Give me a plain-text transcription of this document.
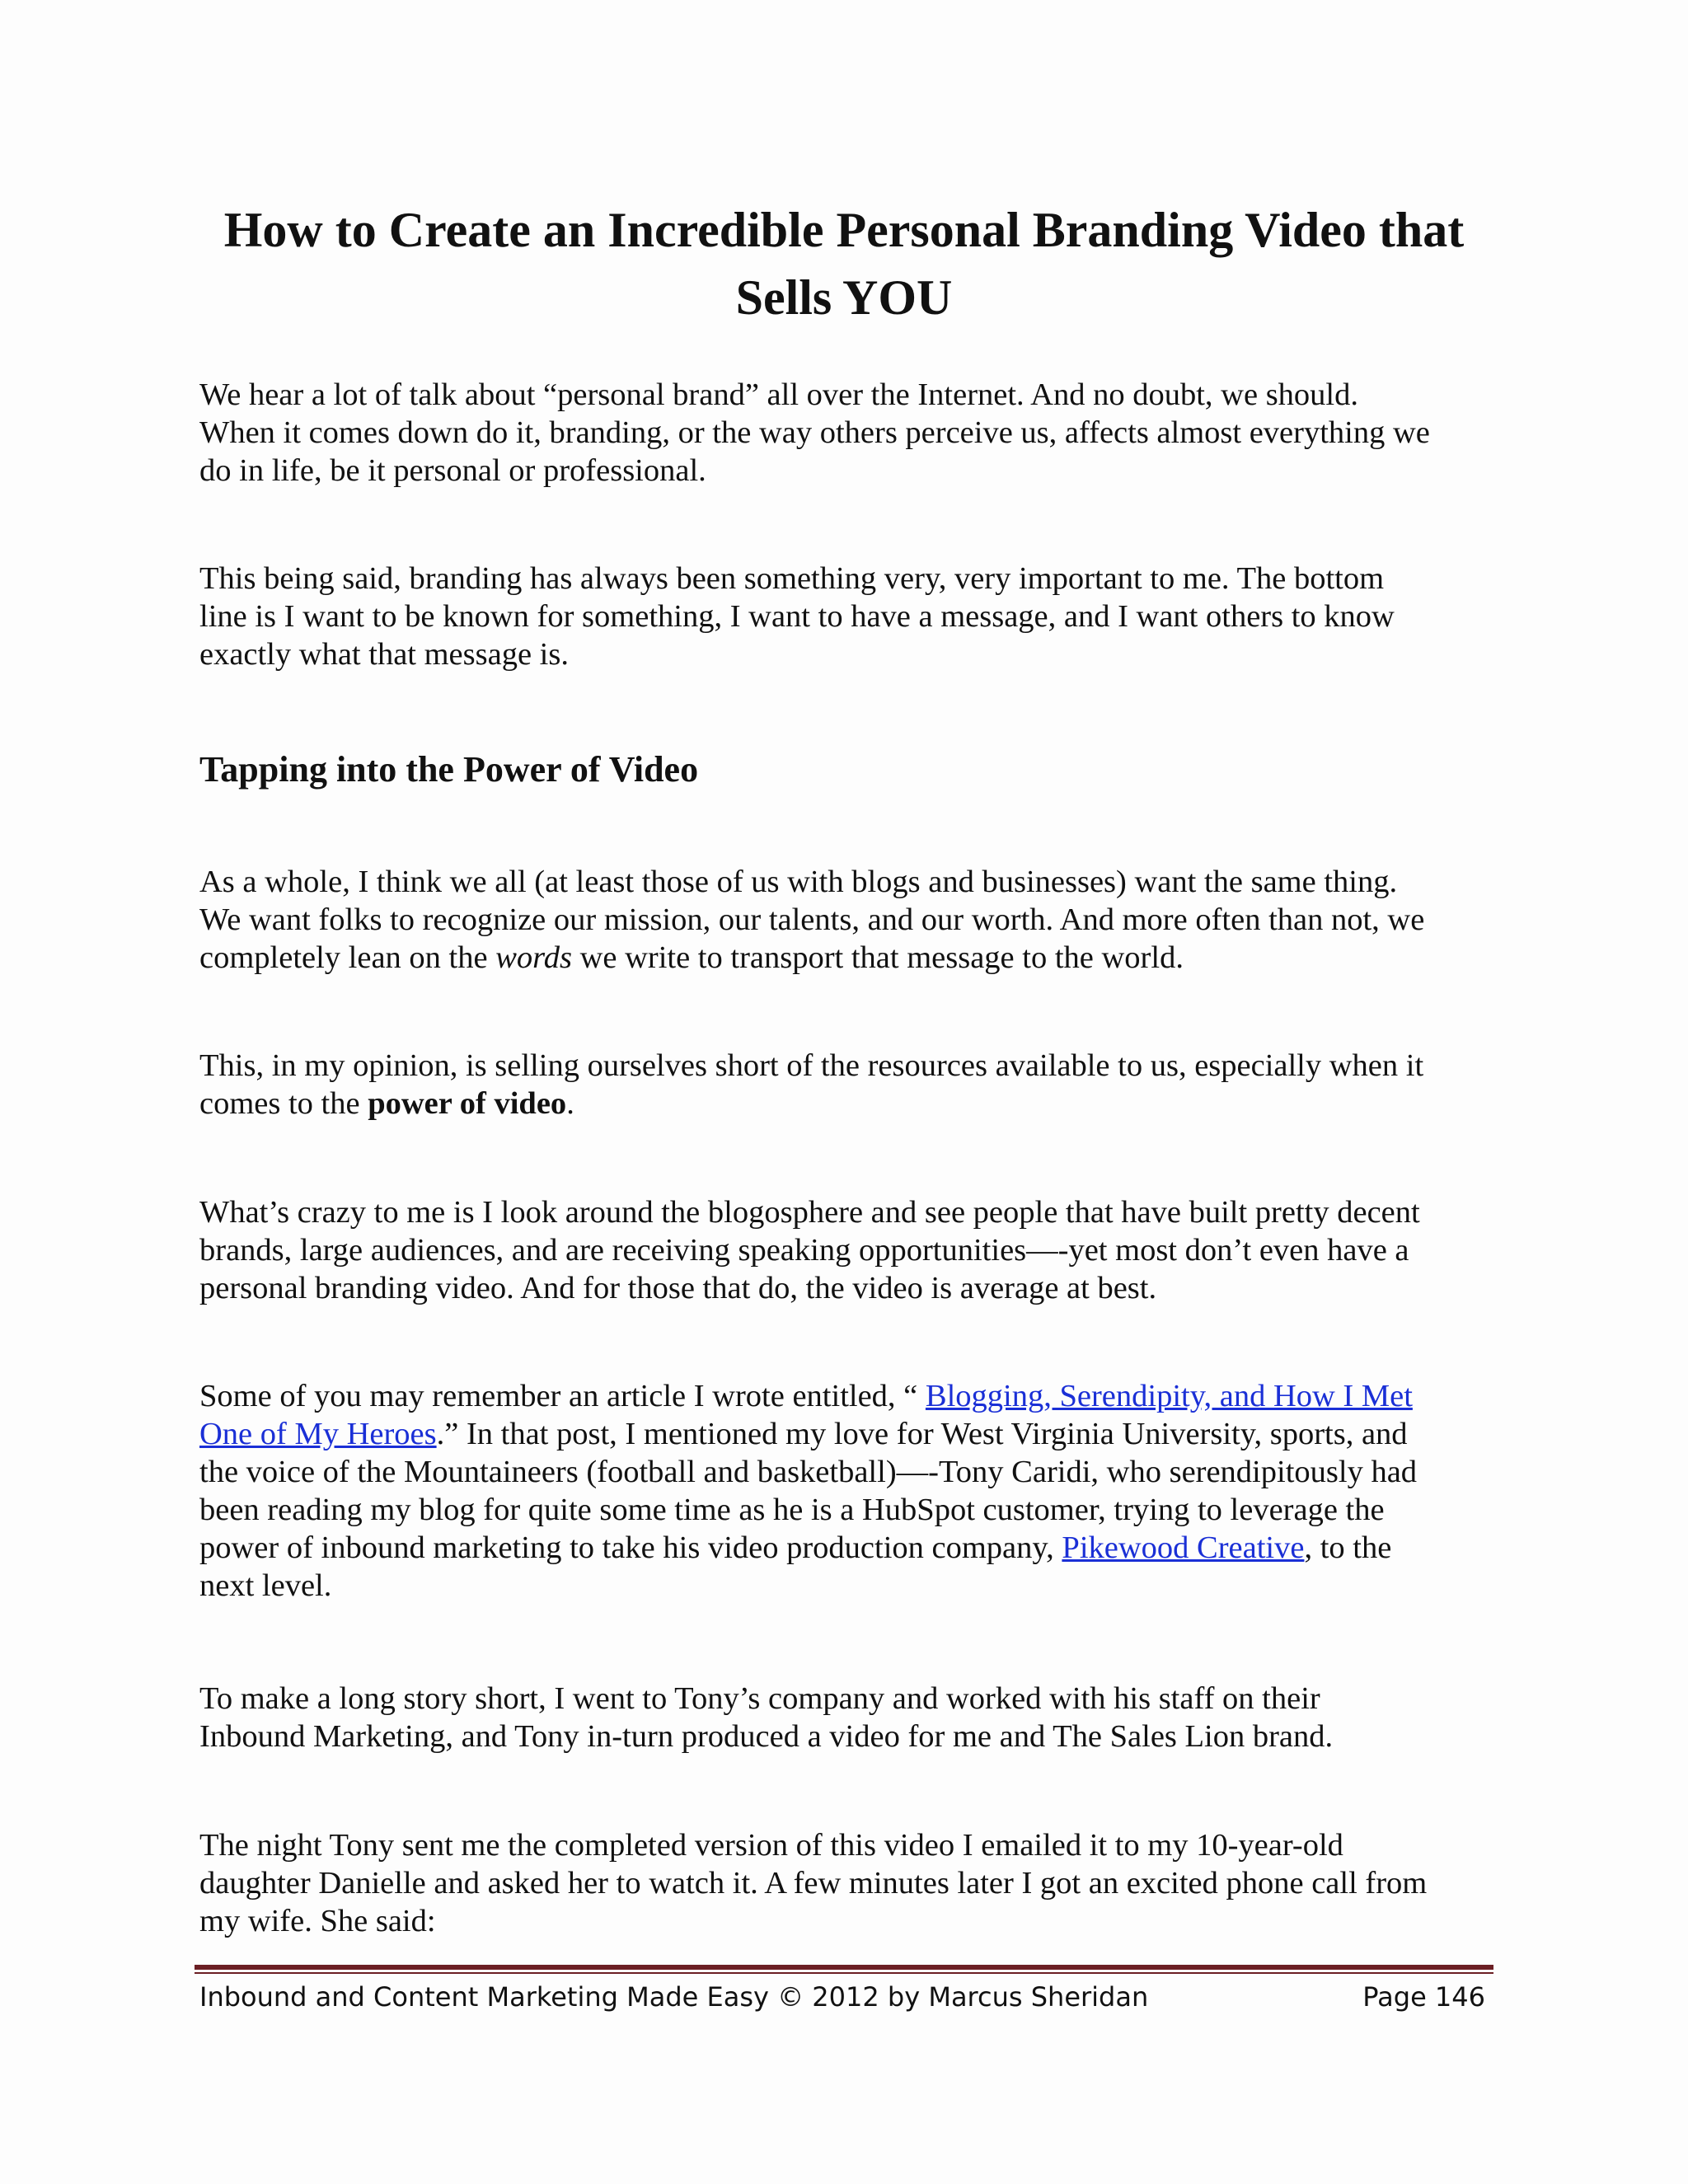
How to Create an Incredible Personal Branding Video that
Sells YOU

We hear a lot of talk about “personal brand” all over the Internet. And no doubt, we should.
When it comes down do it, branding, or the way others perceive us, affects almost everything we
do in life, be it personal or professional.

This being said, branding has always been something very, very important to me. The bottom
line is I want to be known for something, I want to have a message, and I want others to know
exactly what that message is.

Tapping into the Power of Video

As a whole, I think we all (at least those of us with blogs and businesses) want the same thing.
We want folks to recognize our mission, our talents, and our worth. And more often than not, we
completely lean on the words we write to transport that message to the world.

This, in my opinion, is selling ourselves short of the resources available to us, especially when it
comes to the power of video.

What’s crazy to me is I look around the blogosphere and see people that have built pretty decent
brands, large audiences, and are receiving speaking opportunities—-yet most don’t even have a
personal branding video. And for those that do, the video is average at best.

Some of you may remember an article I wrote entitled, “ Blogging, Serendipity, and How I Met
One of My Heroes.” In that post, I mentioned my love for West Virginia University, sports, and
the voice of the Mountaineers (football and basketball)—-Tony Caridi, who serendipitously had
been reading my blog for quite some time as he is a HubSpot customer, trying to leverage the
power of inbound marketing to take his video production company, Pikewood Creative, to the
next level.

To make a long story short, I went to Tony’s company and worked with his staff on their
Inbound Marketing, and Tony in-turn produced a video for me and The Sales Lion brand.

The night Tony sent me the completed version of this video I emailed it to my 10-year-old
daughter Danielle and asked her to watch it. A few minutes later I got an excited phone call from
my wife. She said:

Inbound and Content Marketing Made Easy © 2012 by Marcus Sheridan	Page 146
